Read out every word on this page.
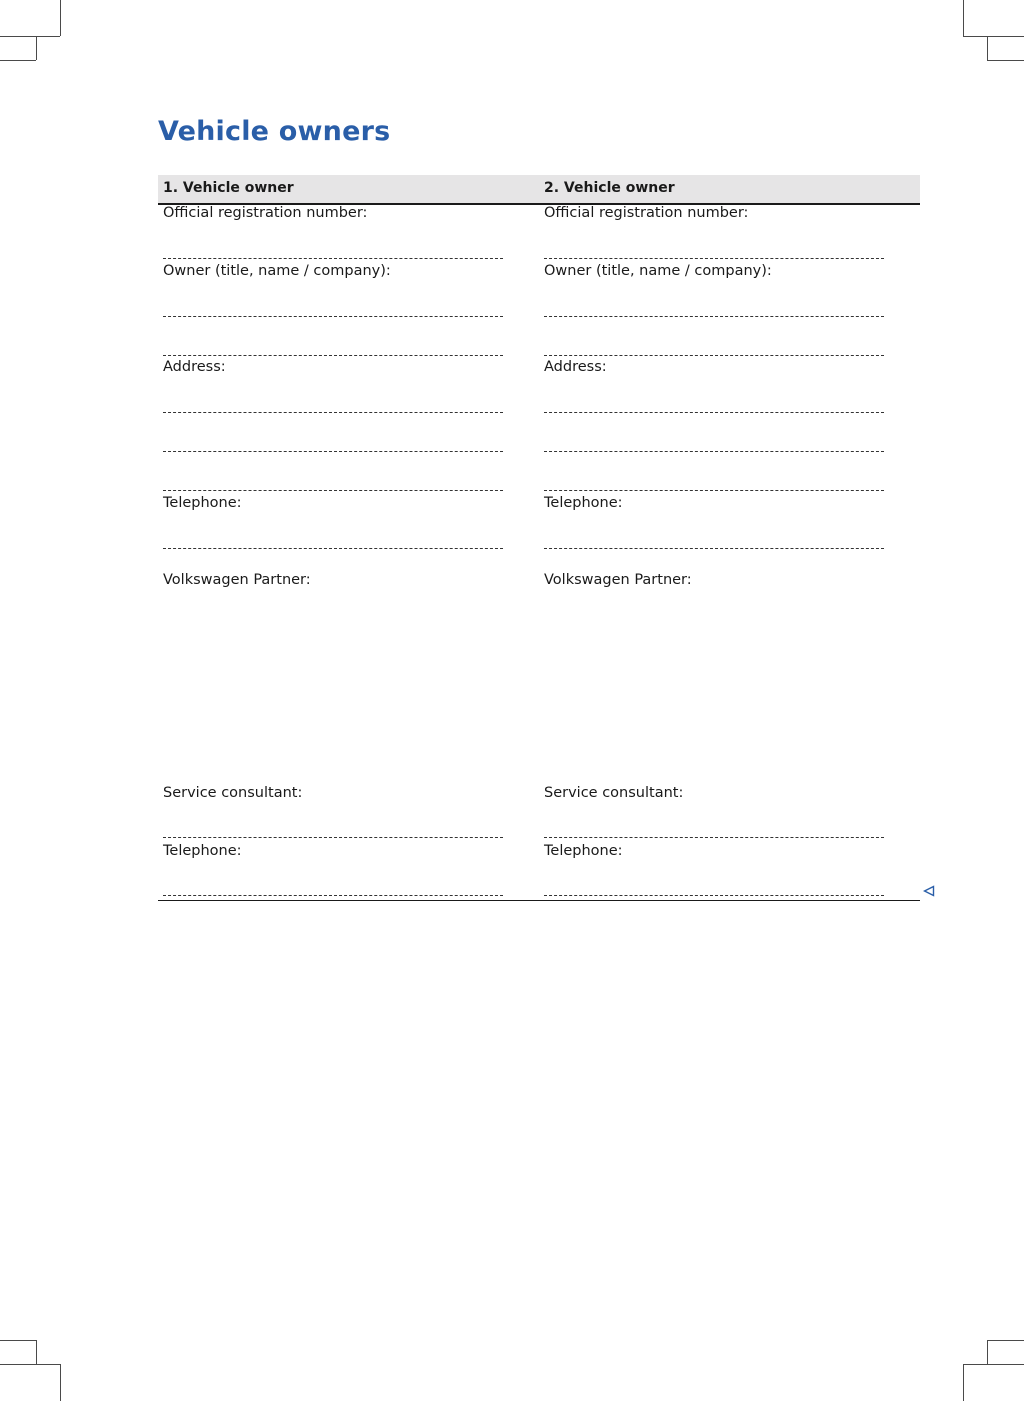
Vehicle owners
1. Vehicle owner
Official registration number:
Owner (title, name / company):
Address:
Telephone:
Volkswagen Partner:
Service consultant:
Telephone:
2. Vehicle owner
Official registration number:
Owner (title, name / company):
Address:
Telephone:
Volkswagen Partner:
Service consultant:
Telephone:
